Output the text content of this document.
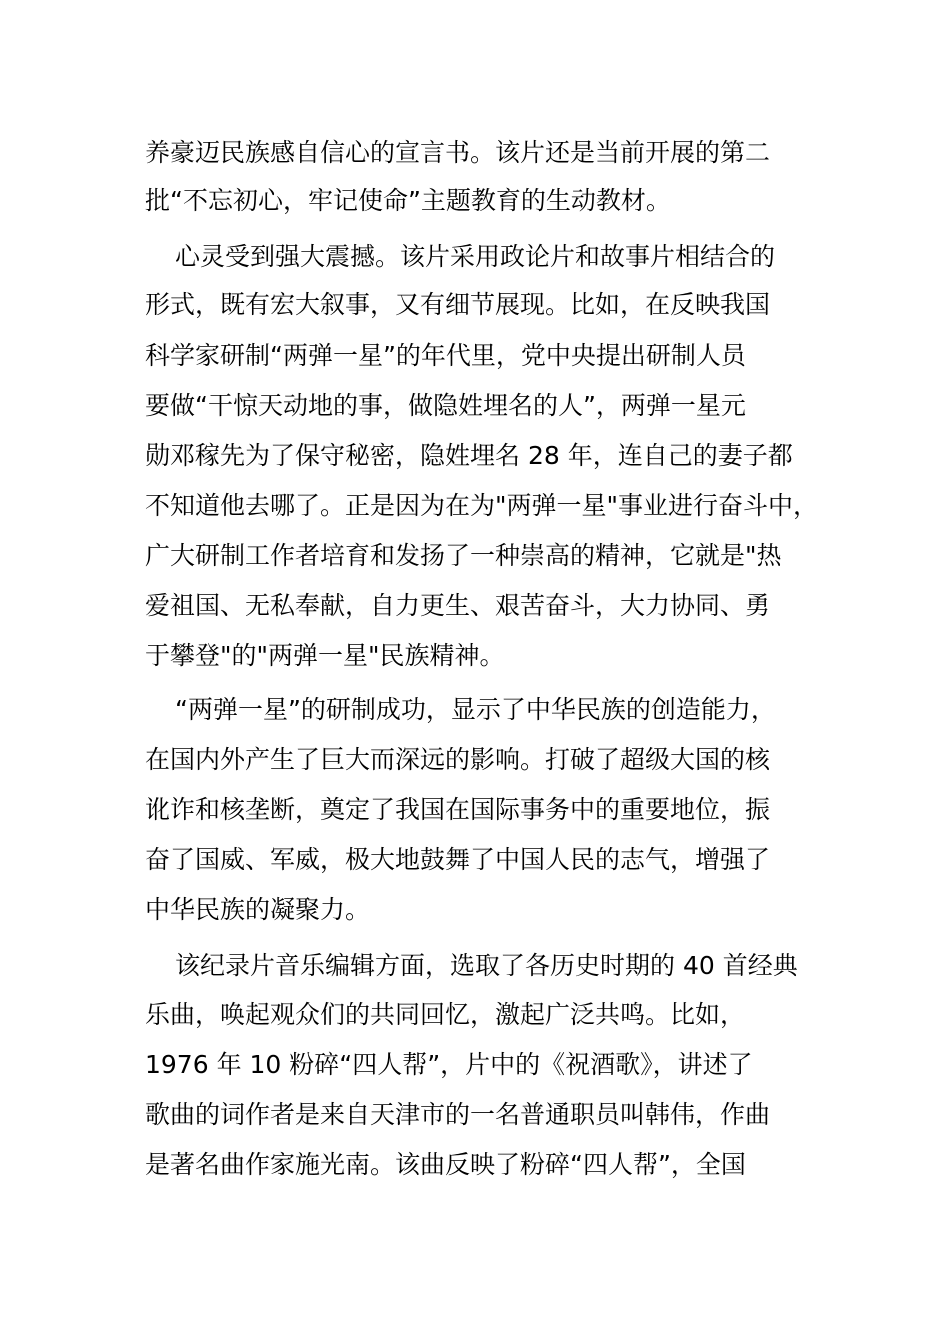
养豪迈民族感自信心的宣言书。该片还是当前开展的第二
批“不忘初心，牢记使命”主题教育的生动教材。
心灵受到强大震撼。该片采用政论片和故事片相结合的
形式，既有宏大叙事，又有细节展现。比如，在反映我国
科学家研制“两弹一星”的年代里，党中央提出研制人员
要做“干惊天动地的事，做隐姓埋名的人”，两弹一星元
勋邓稼先为了保守秘密，隐姓埋名 28 年，连自己的妻子都
不知道他去哪了。正是因为在为"两弹一星"事业进行奋斗中，
广大研制工作者培育和发扬了一种崇高的精神，它就是"热
爱祖国、无私奉献，自力更生、艰苦奋斗，大力协同、勇
于攀登"的"两弹一星"民族精神。
“两弹一星”的研制成功，显示了中华民族的创造能力，
在国内外产生了巨大而深远的影响。打破了超级大国的核
讹诈和核垄断，奠定了我国在国际事务中的重要地位，振
奋了国威、军威，极大地鼓舞了中国人民的志气，增强了
中华民族的凝聚力。
该纪录片音乐编辑方面，选取了各历史时期的 40 首经典
乐曲，唤起观众们的共同回忆，激起广泛共鸣。比如，
1976 年 10 粉碎“四人帮”，片中的《祝酒歌》，讲述了
歌曲的词作者是来自天津市的一名普通职员叫韩伟，作曲
是著名曲作家施光南。该曲反映了粉碎“四人帮”，全国
